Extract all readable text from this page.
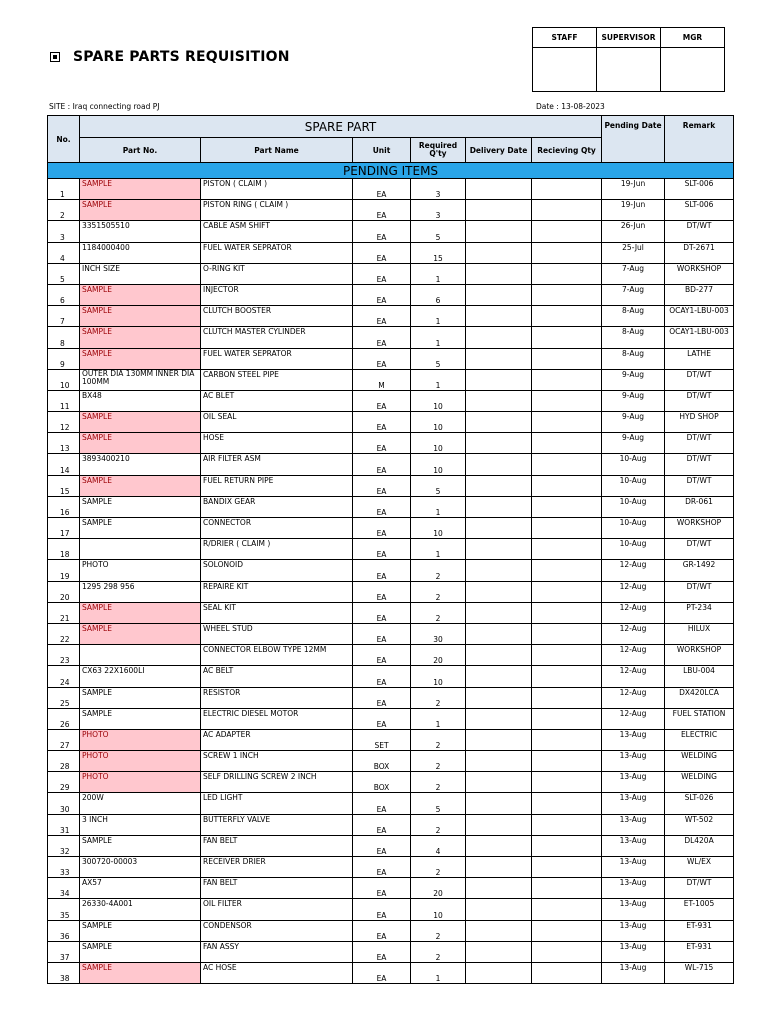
SPARE PARTS REQUISITION
STAFF	SUPERVISOR	MGR

SITE : Iraq connecting road PJ	Date : 13-08-2023
No.	SPARE PART						Pending Date	Remark
	Part No.	Part Name	Unit	Required Q'ty	Delivery Date	Recieving Qty		
PENDING ITEMS								
1	SAMPLE	PISTON ( CLAIM )	EA	3			19-Jun	SLT-006
2	SAMPLE	PISTON RING ( CLAIM )	EA	3			19-Jun	SLT-006
3	3351505510	CABLE ASM SHIFT	EA	5			26-Jun	DT/WT
4	1184000400	FUEL WATER SEPRATOR	EA	15			25-Jul	DT-2671
5	INCH SIZE	O-RING KIT	EA	1			7-Aug	WORKSHOP
6	SAMPLE	INJECTOR	EA	6			7-Aug	BD-277
7	SAMPLE	CLUTCH BOOSTER	EA	1			8-Aug	OCAY1-LBU-003
8	SAMPLE	CLUTCH MASTER CYLINDER	EA	1			8-Aug	OCAY1-LBU-003
9	SAMPLE	FUEL WATER SEPRATOR	EA	5			8-Aug	LATHE
10	OUTER DIA 130MM INNER DIA 100MM	CARBON STEEL PIPE	M	1			9-Aug	DT/WT
11	BX48	AC BLET	EA	10			9-Aug	DT/WT
12	SAMPLE	OIL SEAL	EA	10			9-Aug	HYD SHOP
13	SAMPLE	HOSE	EA	10			9-Aug	DT/WT
14	3893400210	AIR FILTER ASM	EA	10			10-Aug	DT/WT
15	SAMPLE	FUEL RETURN PIPE	EA	5			10-Aug	DT/WT
16	SAMPLE	BANDIX GEAR	EA	1			10-Aug	DR-061
17	SAMPLE	CONNECTOR	EA	10			10-Aug	WORKSHOP
18		R/DRIER ( CLAIM )	EA	1			10-Aug	DT/WT
19	PHOTO	SOLONOID	EA	2			12-Aug	GR-1492
20	1295 298 956	REPAIRE KIT	EA	2			12-Aug	DT/WT
21	SAMPLE	SEAL KIT	EA	2			12-Aug	PT-234
22	SAMPLE	WHEEL STUD	EA	30			12-Aug	HILUX
23		CONNECTOR ELBOW TYPE 12MM	EA	20			12-Aug	WORKSHOP
24	CX63 22X1600LI	AC BELT	EA	10			12-Aug	LBU-004
25	SAMPLE	RESISTOR	EA	2			12-Aug	DX420LCA
26	SAMPLE	ELECTRIC DIESEL MOTOR	EA	1			12-Aug	FUEL STATION
27	PHOTO	AC ADAPTER	SET	2			13-Aug	ELECTRIC
28	PHOTO	SCREW 1 INCH	BOX	2			13-Aug	WELDING
29	PHOTO	SELF DRILLING SCREW 2 INCH	BOX	2			13-Aug	WELDING
30	200W	LED LIGHT	EA	5			13-Aug	SLT-026
31	3 INCH	BUTTERFLY VALVE	EA	2			13-Aug	WT-502
32	SAMPLE	FAN BELT	EA	4			13-Aug	DL420A
33	300720-00003	RECEIVER DRIER	EA	2			13-Aug	WL/EX
34	AX57	FAN BELT	EA	20			13-Aug	DT/WT
35	26330-4A001	OIL FILTER	EA	10			13-Aug	ET-1005
36	SAMPLE	CONDENSOR	EA	2			13-Aug	ET-931
37	SAMPLE	FAN ASSY	EA	2			13-Aug	ET-931
38	SAMPLE	AC HOSE	EA	1			13-Aug	WL-715
